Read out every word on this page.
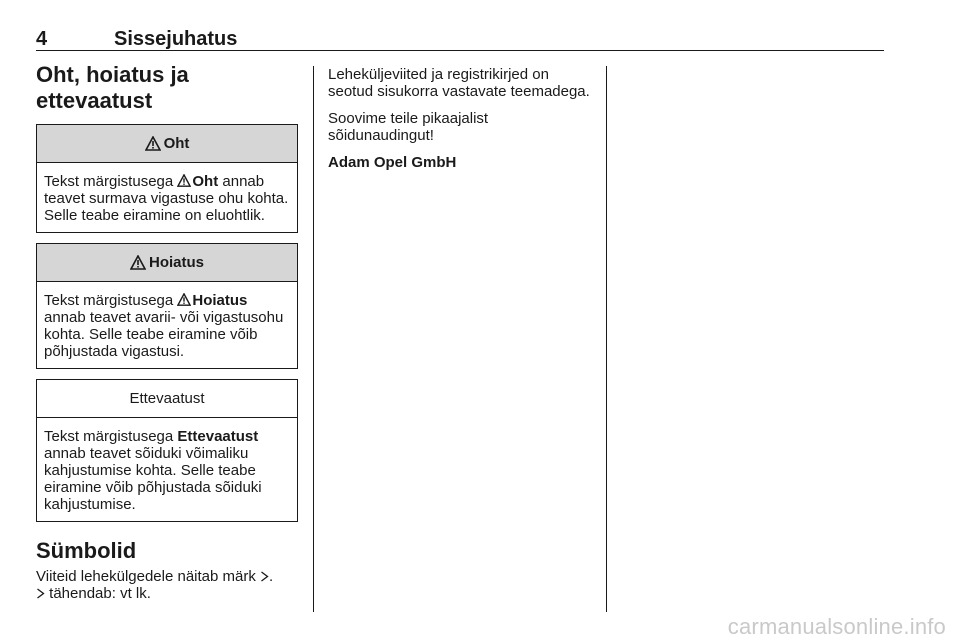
4	Sissejuhatus
Oht, hoiatus ja ettevaatust
Oht
Tekst märgistusega Oht annab teavet surmava vigastuse ohu kohta. Selle teabe eiramine on eluohtlik.
Hoiatus
Tekst märgistusega Hoiatus annab teavet avarii- või vigastusohu kohta. Selle teabe eiramine võib põhjustada vigastusi.
Ettevaatust
Tekst märgistusega Ettevaatust annab teavet sõiduki võimaliku kahjustumise kohta. Selle teabe eiramine võib põhjustada sõiduki kahjustumise.
Sümbolid

Viiteid lehekülgedele näitab märk .
tähendab: vt lk.

Leheküljeviited ja registrikirjed on seotud sisukorra vastavate teemadega.

Soovime teile pikaajalist sõidunaudingut!

Adam Opel GmbH

carmanualsonline.info
